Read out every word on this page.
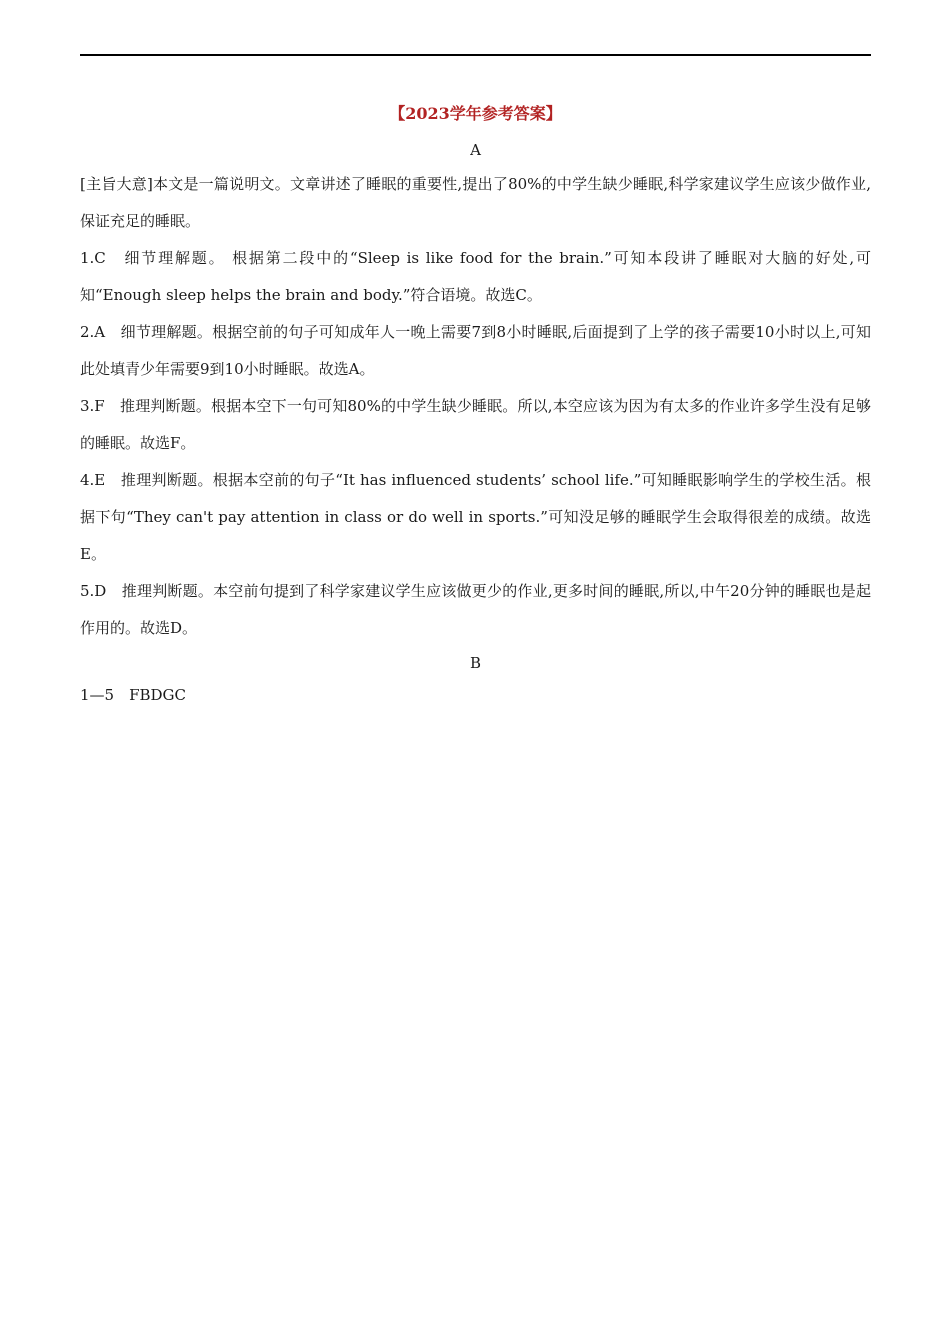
【2023学年参考答案】

A

[主旨大意]本文是一篇说明文。文章讲述了睡眠的重要性,提出了80%的中学生缺少睡眠,科学家建议学生应该少做作业,保证充足的睡眠。

1.C　细节理解题。 根据第二段中的“Sleep is like food for the brain.”可知本段讲了睡眠对大脑的好处,可知“Enough sleep helps the brain and body.”符合语境。故选C。

2.A　细节理解题。根据空前的句子可知成年人一晚上需要7到8小时睡眠,后面提到了上学的孩子需要10小时以上,可知此处填青少年需要9到10小时睡眠。故选A。

3.F　推理判断题。根据本空下一句可知80%的中学生缺少睡眠。所以,本空应该为因为有太多的作业许多学生没有足够的睡眠。故选F。

4.E　推理判断题。根据本空前的句子“It has influenced students’ school life.”可知睡眠影响学生的学校生活。根据下句“They can't pay attention in class or do well in sports.”可知没足够的睡眠学生会取得很差的成绩。故选E。

5.D　推理判断题。本空前句提到了科学家建议学生应该做更少的作业,更多时间的睡眠,所以,中午20分钟的睡眠也是起作用的。故选D。

B

1—5　FBDGC
